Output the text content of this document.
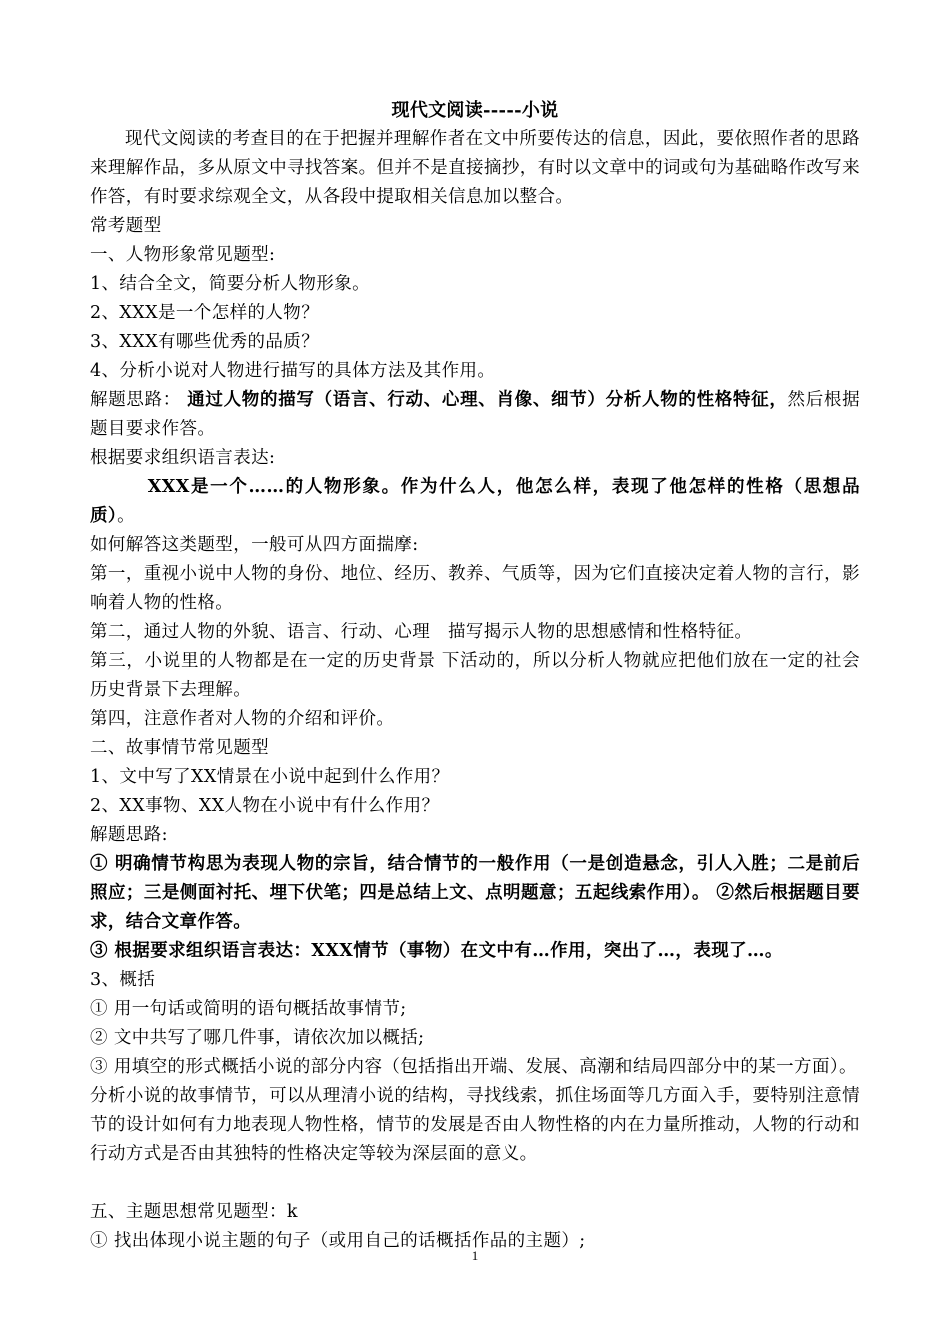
现代文阅读-----小说

现代文阅读的考查目的在于把握并理解作者在文中所要传达的信息，因此，要依照作者的思路来理解作品，多从原文中寻找答案。但并不是直接摘抄，有时以文章中的词或句为基础略作改写来作答，有时要求综观全文，从各段中提取相关信息加以整合。

常考题型

一、人物形象常见题型:

1、结合全文，简要分析人物形象。

2、XXX是一个怎样的人物？

3、XXX有哪些优秀的品质？

4、分析小说对人物进行描写的具体方法及其作用。

解题思路： 通过人物的描写（语言、行动、心理、肖像、细节）分析人物的性格特征，然后根据题目要求作答。

根据要求组织语言表达:

XXX是一个……的人物形象。作为什么人，他怎么样，表现了他怎样的性格（思想品质）。

如何解答这类题型，一般可从四方面揣摩:

第一，重视小说中人物的身份、地位、经历、教养、气质等，因为它们直接决定着人物的言行，影响着人物的性格。

第二，通过人物的外貌、语言、行动、心理　描写揭示人物的思想感情和性格特征。

第三，小说里的人物都是在一定的历史背景 下活动的，所以分析人物就应把他们放在一定的社会历史背景下去理解。

第四，注意作者对人物的介绍和评价。

二、故事情节常见题型

1、文中写了XX情景在小说中起到什么作用？

2、XX事物、XX人物在小说中有什么作用？

解题思路:

① 明确情节构思为表现人物的宗旨，结合情节的一般作用（一是创造悬念，引人入胜；二是前后照应；三是侧面衬托、埋下伏笔；四是总结上文、点明题意；五起线索作用）。 ②然后根据题目要求，结合文章作答。

③ 根据要求组织语言表达：XXX情节（事物）在文中有…作用，突出了…，表现了…。

3、概括

① 用一句话或简明的语句概括故事情节;

② 文中共写了哪几件事，请依次加以概括;

③ 用填空的形式概括小说的部分内容（包括指出开端、发展、高潮和结局四部分中的某一方面）。

分析小说的故事情节，可以从理清小说的结构，寻找线索，抓住场面等几方面入手，要特别注意情节的设计如何有力地表现人物性格，情节的发展是否由人物性格的内在力量所推动，人物的行动和行动方式是否由其独特的性格决定等较为深层面的意义。

五、主题思想常见题型：k

① 找出体现小说主题的句子（或用自己的话概括作品的主题）;

1
